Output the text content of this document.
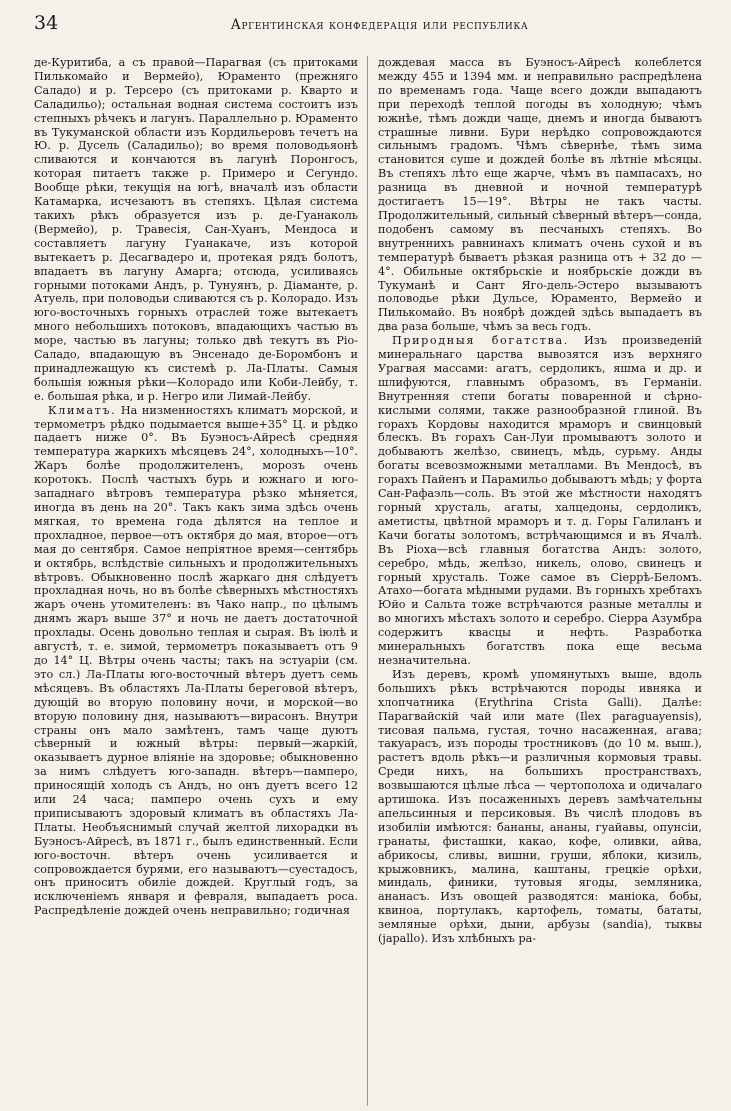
34	Аргентинская конфедерація или республика

де-Куритиба, а съ правой—Парагвая (съ притоками Пилькомайо и Вермейо), Юраменто (прежняго Саладо) и р. Терсеро (съ притоками р. Кварто и Саладильо); остальная водная система состоитъ изъ степныхъ рѣчекъ и лагунъ. Параллельно р. Юраменто въ Тукуманской области изъ Кордильеровъ течетъ на Ю. р. Дусель (Саладильо); во время половодьяонѣ сливаются и кончаются въ лагунѣ Поронгосъ, которая питаетъ также р. Примеро и Сегундо. Вообще рѣки, текущія на югѣ, вначалѣ изъ области Катамарка, исчезаютъ въ степяхъ. Цѣлая система такихъ рѣкъ образуется изъ р. де-Гуанаколь (Вермейо), р. Травесія, Сан-Хуанъ, Мендоса и составляетъ лагуну Гуанакаче, изъ которой вытекаетъ р. Десагвадеро и, протекая рядъ болотъ, впадаетъ въ лагуну Амарга; отсюда, усиливаясь горными потоками Андъ, р. Тунуянъ, р. Діаманте, р. Атуель, при половодьи сливаются съ р. Колорадо. Изъ юго-восточныхъ горныхъ отраслей тоже вытекаетъ много небольшихъ потоковъ, впадающихъ частью въ море, частью въ лагуны; только двѣ текутъ въ Ріо-Саладо, впадающую въ Энсенадо де-Боромбонъ и принадлежащую къ системѣ р. Ла-Платы. Самыя большія южныя рѣки—Колорадо или Коби-Лейбу, т. е. большая рѣка, и р. Негро или Лимай-Лейбу.

Климатъ. На низменностяхъ климатъ морской, и термометръ рѣдко подымается выше+35° Ц. и рѣдко падаетъ ниже 0°. Въ Буэносъ-Айресѣ средняя температура жаркихъ мѣсяцевъ 24°, холодныхъ—10°. Жаръ болѣе продолжителенъ, морозъ очень коротокъ. Послѣ частыхъ бурь и южнаго и юго-западнаго вѣтровъ температура рѣзко мѣняется, иногда въ день на 20°. Такъ какъ зима здѣсь очень мягкая, то времена года дѣлятся на теплое и прохладное, первое—отъ октября до мая, второе—отъ мая до сентября. Самое непріятное время—сентябрь и октябрь, вслѣдствіе сильныхъ и продолжительныхъ вѣтровъ. Обыкновенно послѣ жаркаго дня слѣдуетъ прохладная ночь, но въ болѣе сѣверныхъ мѣстностяхъ жаръ очень утомителенъ: въ Чако напр., по цѣлымъ днямъ жаръ выше 37° и ночь не даетъ достаточной прохлады. Осень довольно теплая и сырая. Въ іюлѣ и августѣ, т. е. зимой, термометръ показываетъ отъ 9 до 14° Ц. Вѣтры очень часты; такъ на эстуаріи (см. это сл.) Ла-Платы юго-восточный вѣтеръ дуетъ семь мѣсяцевъ. Въ областяхъ Ла-Платы береговой вѣтеръ, дующій во вторую половину ночи, и морской—во вторую половину дня, называютъ—вирасонъ. Внутри страны онъ мало замѣтенъ, тамъ чаще дуютъ сѣверный и южный вѣтры: первый—жаркій, оказываетъ дурное вліяніе на здоровье; обыкновенно за нимъ слѣдуетъ юго-западн. вѣтеръ—памперо, приносящій холодъ съ Андъ, но онъ дуетъ всего 12 или 24 часа; памперо очень сухъ и ему приписываютъ здоровый климатъ въ областяхъ Ла-Платы. Необъяснимый случай желтой лихорадки въ Буэносъ-Айресѣ, въ 1871 г., былъ единственный. Если юго-восточн. вѣтеръ очень усиливается и сопровождается бурями, его называютъ—суестадосъ, онъ приноситъ обиліе дождей. Круглый годъ, за исключеніемъ января и февраля, выпадаетъ роса. Распредѣленіе дождей очень неправильно; годичная

дождевая масса въ Буэносъ-Айресѣ колеблется между 455 и 1394 мм. и неправильно распредѣлена по временамъ года. Чаще всего дожди выпадаютъ при переходѣ теплой погоды въ холодную; чѣмъ южнѣе, тѣмъ дожди чаще, днемъ и иногда бываютъ страшные ливни. Бури нерѣдко сопровождаются сильнымъ градомъ. Чѣмъ сѣвернѣе, тѣмъ зима становится суше и дождей болѣе въ лѣтніе мѣсяцы. Въ степяхъ лѣто еще жарче, чѣмъ въ пампасахъ, но разница въ дневной и ночной температурѣ достигаетъ 15—19°. Вѣтры не такъ часты. Продолжительный, сильный сѣверный вѣтеръ—сонда, подобенъ самому въ песчаныхъ степяхъ. Во внутреннихъ равнинахъ климатъ очень сухой и въ температурѣ бываетъ рѣзкая разница отъ + 32 до — 4°. Обильные октябрьскіе и ноябрьскіе дожди въ Тукуманѣ и Сант Яго-дель-Эстеро вызываютъ половодье рѣки Дульсе, Юраменто, Вермейо и Пилькомайо. Въ ноябрѣ дождей здѣсь выпадаетъ въ два раза больше, чѣмъ за весь годъ.

Природныя богатства. Изъ произведеній минеральнаго царства вывозятся изъ верхняго Урагвая массами: агатъ, сердоликъ, яшма и др. и шлифуются, главнымъ образомъ, въ Германіи. Внутренняя степи богаты поваренной и сѣрно-кислыми солями, также разнообразной глиной. Въ горахъ Кордовы находится мраморъ и свинцовый блескъ. Въ горахъ Сан-Луи промываютъ золото и добываютъ желѣзо, свинецъ, мѣдь, сурьму. Анды богаты всевозможными металлами. Въ Мендосѣ, въ горахъ Пайенъ и Парамильо добываютъ мѣдь; у форта Сан-Рафаэль—соль. Въ этой же мѣстности находятъ горный хрусталь, агаты, халцедоны, сердоликъ, аметисты, цвѣтной мраморъ и т. д. Горы Галиланъ и Качи богаты золотомъ, встрѣчающимся и въ Ячалѣ. Въ Ріоха—всѣ главныя богатства Андъ: золото, серебро, мѣдь, желѣзо, никель, олово, свинецъ и горный хрусталь. Тоже самое въ Сіеррѣ-Беломъ. Атахо—богата мѣдными рудами. Въ горныхъ хребтахъ Юйо и Сальта тоже встрѣчаются разные металлы и во многихъ мѣстахъ золото и серебро. Сіерра Азумбра содержитъ квасцы и нефть. Разработка минеральныхъ богатствъ пока еще весьма незначительна.

Изъ деревъ, кромѣ упомянутыхъ выше, вдоль большихъ рѣкъ встрѣчаются породы ивняка и хлопчатника (Erythrina Crista Galli). Далѣе: Парагвайскій чай или мате (Ilex paraguayensis), тисовая пальма, густая, точно насаженная, агава; такуарасъ, изъ породы тростниковъ (до 10 м. выш.), растетъ вдоль рѣкъ—и различныя кормовыя травы. Среди нихъ, на большихъ пространствахъ, возвышаются цѣлые лѣса — чертополоха и одичалаго артишока. Изъ посаженныхъ деревъ замѣчательны апельсинныя и персиковыя. Въ числѣ плодовъ въ изобиліи имѣются: бананы, ананы, гуайавы, опунсіи, гранаты, фисташки, какао, кофе, оливки, айва, абрикосы, сливы, вишни, груши, яблоки, кизиль, крыжовникъ, малина, каштаны, грецкіе орѣхи, миндаль, финики, тутовыя ягоды, земляника, ананасъ. Изъ овощей разводятся: маніока, бобы, квиноа, портулакъ, картофель, томаты, бататы, земляные орѣхи, дыни, арбузы (sandia), тыквы (japallo). Изъ хлѣбныхъ ра-
